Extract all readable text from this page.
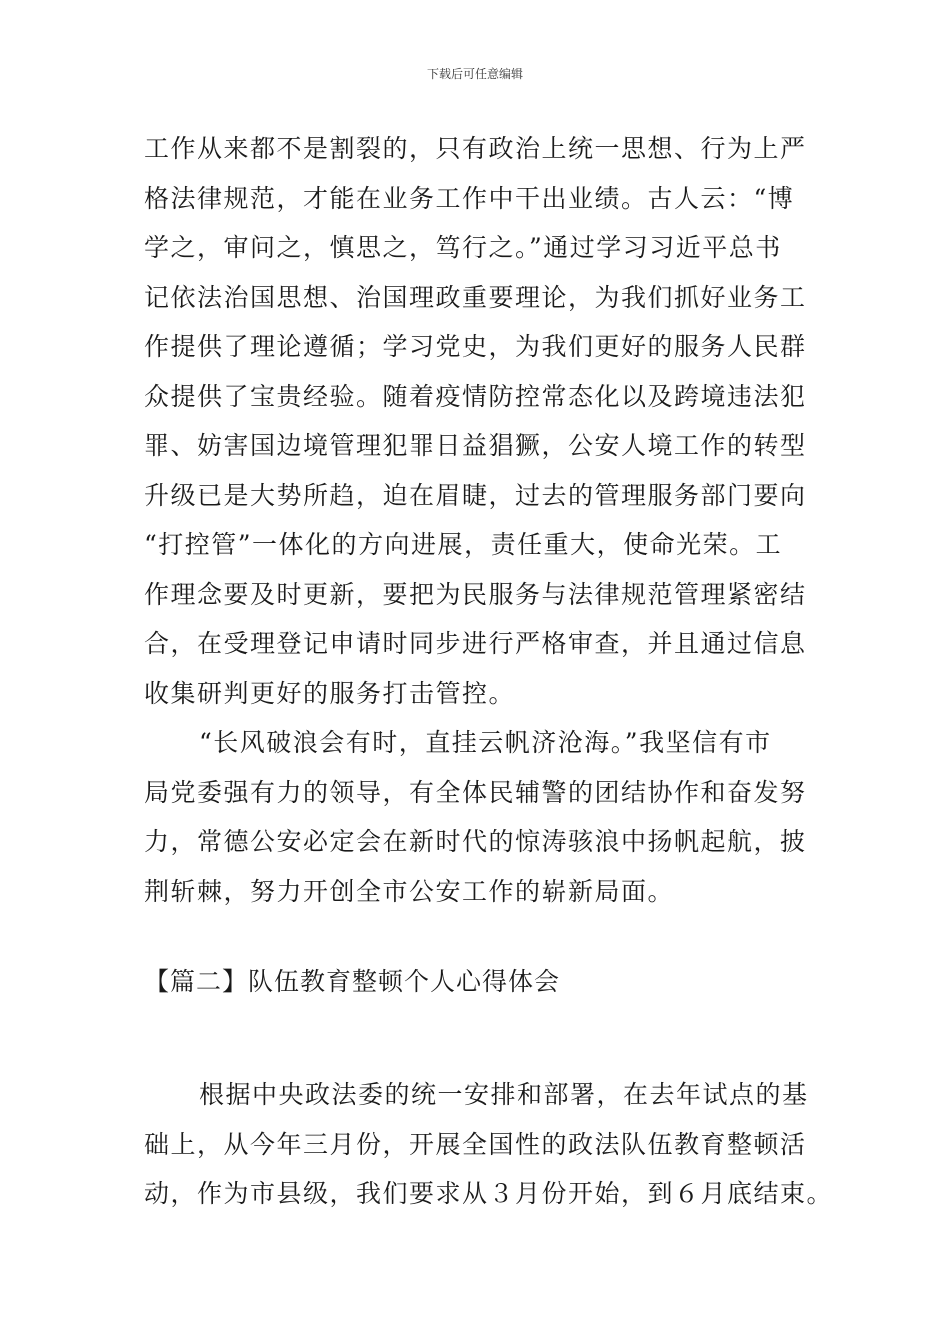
下载后可任意编辑
工作从来都不是割裂的，只有政治上统一思想、行为上严
格法律规范，才能在业务工作中干出业绩。古人云：“博
学之，审问之，慎思之，笃行之。”通过学习习近平总书
记依法治国思想、治国理政重要理论，为我们抓好业务工
作提供了理论遵循；学习党史，为我们更好的服务人民群
众提供了宝贵经验。随着疫情防控常态化以及跨境违法犯
罪、妨害国边境管理犯罪日益猖獗，公安人境工作的转型
升级已是大势所趋，迫在眉睫，过去的管理服务部门要向
“打控管”一体化的方向进展，责任重大，使命光荣。工
作理念要及时更新，要把为民服务与法律规范管理紧密结
合，在受理登记申请时同步进行严格审查，并且通过信息
收集研判更好的服务打击管控。
“长风破浪会有时，直挂云帆济沧海。”我坚信有市
局党委强有力的领导，有全体民辅警的团结协作和奋发努
力，常德公安必定会在新时代的惊涛骇浪中扬帆起航，披
荆斩棘，努力开创全市公安工作的崭新局面。
【篇二】队伍教育整顿个人心得体会
根据中央政法委的统一安排和部署，在去年试点的基
础上，从今年三月份，开展全国性的政法队伍教育整顿活
动，作为市县级，我们要求从３月份开始，到６月底结束。
